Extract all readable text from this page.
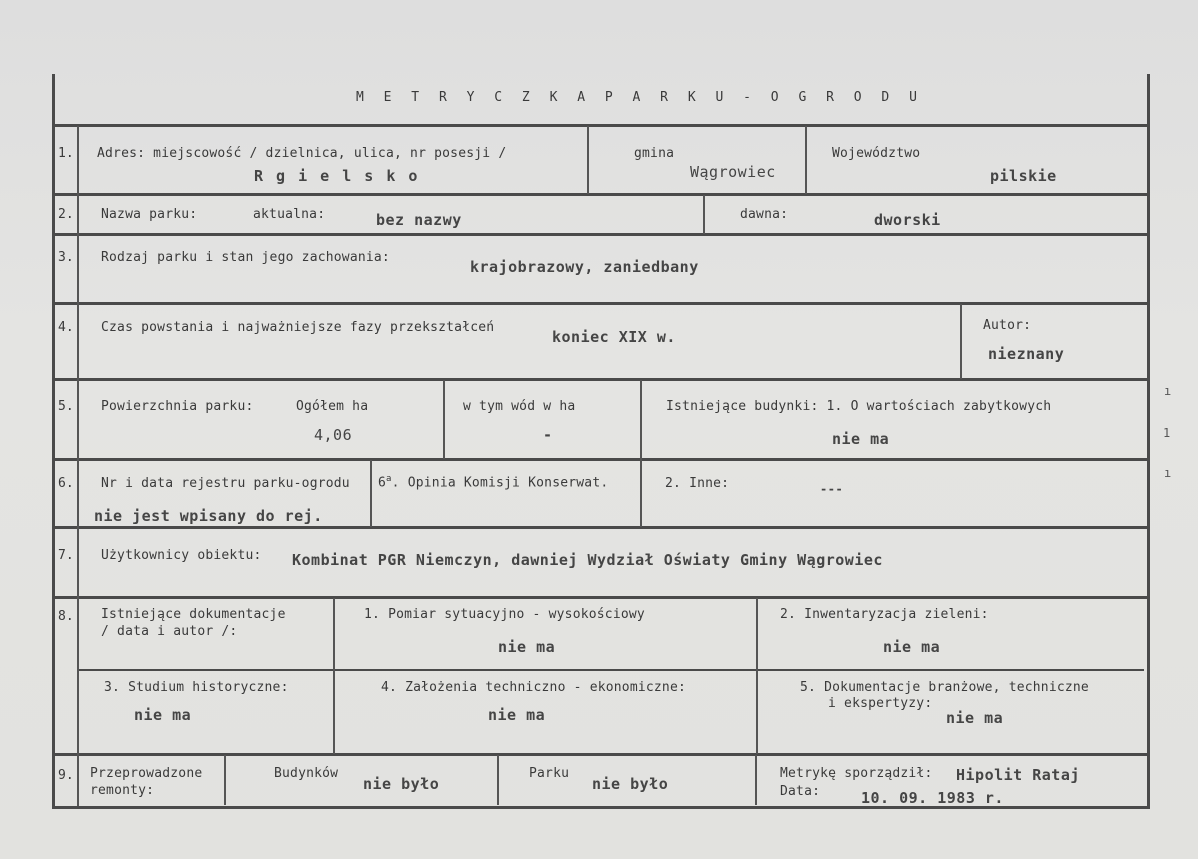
M E T R Y C Z K A P A R K U - O G R O D U
1. Adres: miejscowość / dzielnica, ulica, nr posesji /
R g i e l s k o
gmina
Wągrowiec
Województwo
pilskie
2. Nazwa parku:	aktualna:	bez nazwy	dawna:	dworski
3. Rodzaj parku i stan jego zachowania:
krajobrazowy, zaniedbany
4. Czas powstania i najważniejsze fazy przekształceń
koniec XIX w.
Autor:
nieznany
5. Powierzchnia parku:	Ogółem ha
4,06
w tym wód w ha
-
Istniejące budynki: 1. O wartościach zabytkowych
nie ma
6. Nr i data rejestru parku-ogrodu
nie jest wpisany do rej.
6$^a$. Opinia Komisji Konserwat.	2. Inne:	---
7. Użytkownicy obiektu: Kombinat PGR Niemczyn, dawniej Wydział Oświaty Gminy Wągrowiec
8. Istniejące dokumentacje
/ data i autor /:
1. Pomiar sytuacyjno - wysokościowy
nie ma
2. Inwentaryzacja zieleni:
nie ma
3. Studium historyczne:
nie ma
4. Założenia techniczno - ekonomiczne:
nie ma
5. Dokumentacje branżowe, techniczne
i ekspertyzy:
nie ma
9. Przeprowadzone
remonty:
Budynków
nie było
Parku
nie było
Metrykę sporządził: Hipolit Rataj
Data:	10. 09. 1983 r.
ı
1
ı
